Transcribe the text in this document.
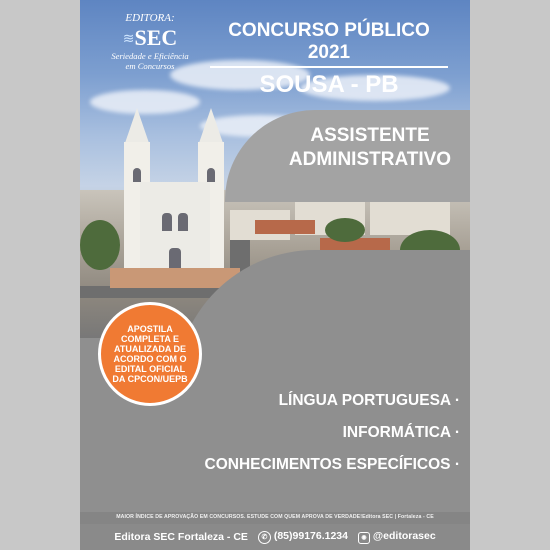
EDITORA:
≋ SEC
Seriedade e Eficiência
em Concursos
CONCURSO PÚBLICO 2021
SOUSA - PB
ASSISTENTE
ADMINISTRATIVO
APOSTILA COMPLETA E ATUALIZADA DE ACORDO COM O EDITAL OFICIAL DA CPCON/UEPB
LÍNGUA PORTUGUESA ·
INFORMÁTICA ·
CONHECIMENTOS ESPECÍFICOS ·
MAIOR ÍNDICE DE APROVAÇÃO EM CONCURSOS. ESTUDE COM QUEM APROVA DE VERDADE!Editora SEC | Fortaleza - CE
Editora SEC Fortaleza - CE	✆ (85)99176.1234	◉ @editorasec
